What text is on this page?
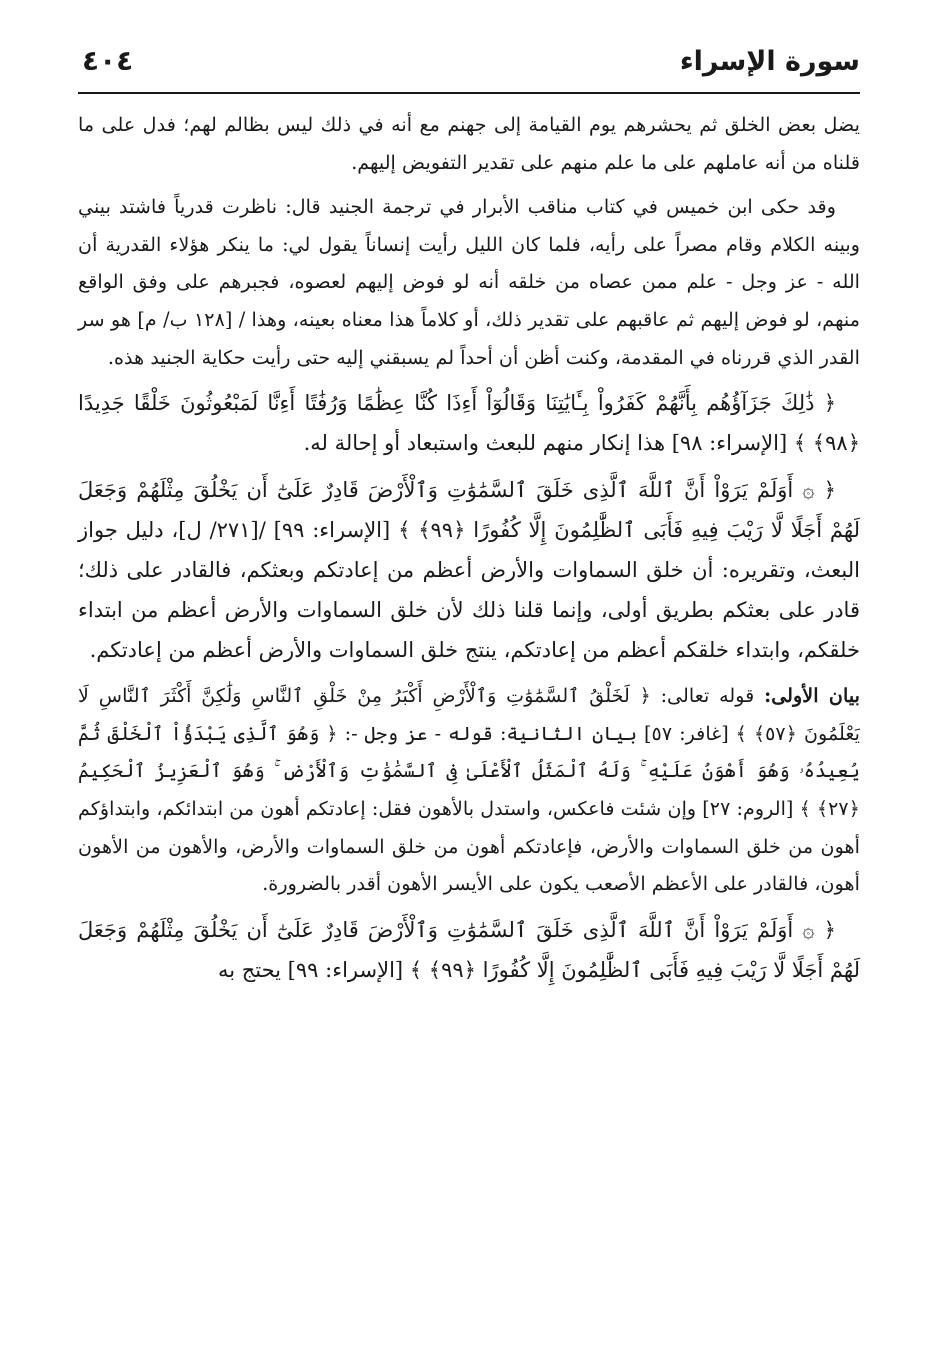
سورة الإسراء
٤٠٤

يضل بعض الخلق ثم يحشرهم يوم القيامة إلى جهنم مع أنه في ذلك ليس بظالم لهم؛ فدل على ما قلناه من أنه عاملهم على ما علم منهم على تقدير التفويض إليهم.

وقد حكى ابن خميس في كتاب مناقب الأبرار في ترجمة الجنيد قال: ناظرت قدرياً فاشتد بيني وبينه الكلام وقام مصراً على رأيه، فلما كان الليل رأيت إنساناً يقول لي: ما ينكر هؤلاء القدرية أن الله - عز وجل - علم ممن عصاه من خلقه أنه لو فوض إليهم لعصوه، فجبرهم على وفق الواقع منهم، لو فوض إليهم ثم عاقبهم على تقدير ذلك، أو كلاماً هذا معناه بعينه، وهذا / [١٢٨ ب/ م] هو سر القدر الذي قررناه في المقدمة، وكنت أظن أن أحداً لم يسبقني إليه حتى رأيت حكاية الجنيد هذه.

﴿ ذَٰلِكَ جَزَآؤُهُم بِأَنَّهُمْ كَفَرُواْ بِـَٔايَٰتِنَا وَقَالُوٓاْ أَءِذَا كُنَّا عِظَٰمًا وَرُفَٰتًا أَءِنَّا لَمَبْعُوثُونَ خَلْقًا جَدِيدًا ﴿٩٨﴾ ﴾ [الإسراء: ٩٨] هذا إنكار منهم للبعث واستبعاد أو إحالة له.

﴿ ۞ أَوَلَمْ يَرَوْاْ أَنَّ ٱللَّهَ ٱلَّذِى خَلَقَ ٱلسَّمَٰوَٰتِ وَٱلْأَرْضَ قَادِرٌ عَلَىٰٓ أَن يَخْلُقَ مِثْلَهُمْ وَجَعَلَ لَهُمْ أَجَلًا لَّا رَيْبَ فِيهِ فَأَبَى ٱلظَّٰلِمُونَ إِلَّا كُفُورًا ﴿٩٩﴾ ﴾ [الإسراء: ٩٩] /[٢٧١/ ل]، دليل جواز البعث، وتقريره: أن خلق السماوات والأرض أعظم من إعادتكم وبعثكم، فالقادر على ذلك؛ قادر على بعثكم بطريق أولى، وإنما قلنا ذلك لأن خلق السماوات والأرض أعظم من ابتداء خلقكم، وابتداء خلقكم أعظم من إعادتكم، ينتج خلق السماوات والأرض أعظم من إعادتكم.

بيان الأولى: قوله تعالى: ﴿ لَخَلْقُ ٱلسَّمَٰوَٰتِ وَٱلْأَرْضِ أَكْبَرُ مِنْ خَلْقِ ٱلنَّاسِ وَلَٰكِنَّ أَكْثَرَ ٱلنَّاسِ لَا يَعْلَمُونَ ﴿٥٧﴾ ﴾ [غافر: ٥٧] بيان الثانية: قوله - عز وجل -: ﴿ وَهُوَ ٱلَّذِى يَبْدَؤُاْ ٱلْخَلْقَ ثُمَّ يُعِيدُهُۥ وَهُوَ أَهْوَنُ عَلَيْهِ ۚ وَلَهُ ٱلْمَثَلُ ٱلْأَعْلَىٰ فِى ٱلسَّمَٰوَٰتِ وَٱلْأَرْضِ ۚ وَهُوَ ٱلْعَزِيزُ ٱلْحَكِيمُ ﴿٢٧﴾ ﴾ [الروم: ٢٧] وإن شئت فاعكس، واستدل بالأهون فقل: إعادتكم أهون من ابتدائكم، وابتداؤكم أهون من خلق السماوات والأرض، فإعادتكم أهون من خلق السماوات والأرض، والأهون من الأهون أهون، فالقادر على الأعظم الأصعب يكون على الأيسر الأهون أقدر بالضرورة.

﴿ ۞ أَوَلَمْ يَرَوْاْ أَنَّ ٱللَّهَ ٱلَّذِى خَلَقَ ٱلسَّمَٰوَٰتِ وَٱلْأَرْضَ قَادِرٌ عَلَىٰٓ أَن يَخْلُقَ مِثْلَهُمْ وَجَعَلَ لَهُمْ أَجَلًا لَّا رَيْبَ فِيهِ فَأَبَى ٱلظَّٰلِمُونَ إِلَّا كُفُورًا ﴿٩٩﴾ ﴾ [الإسراء: ٩٩] يحتج به
